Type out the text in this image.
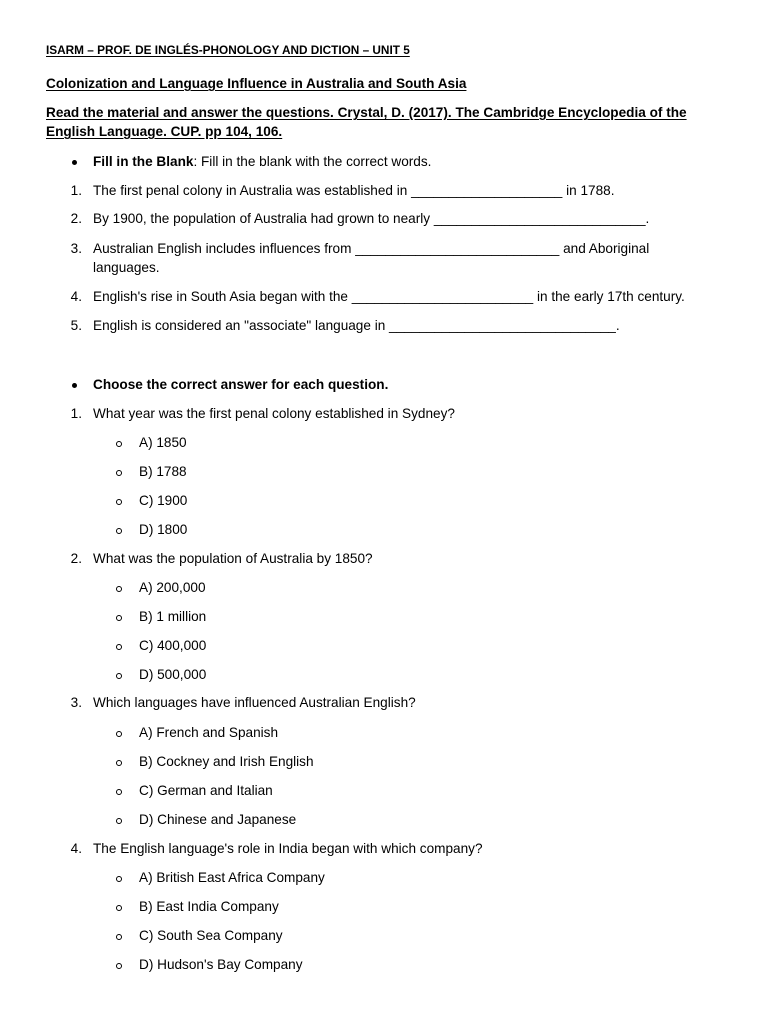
ISARM – PROF. DE INGLÉS-PHONOLOGY AND DICTION – UNIT 5
Colonization and Language Influence in Australia and South Asia
Read the material and answer the questions. Crystal, D. (2017). The Cambridge Encyclopedia of the
English Language. CUP. pp 104, 106.
Fill in the Blank: Fill in the blank with the correct words.
1. The first penal colony in Australia was established in ____________________ in 1788.
2. By 1900, the population of Australia had grown to nearly ____________________________.
3. Australian English includes influences from ___________________________ and Aboriginal
languages.
4. English's rise in South Asia began with the ________________________ in the early 17th century.
5. English is considered an "associate" language in ______________________________.
Choose the correct answer for each question.
1. What year was the first penal colony established in Sydney?
A) 1850
B) 1788
C) 1900
D) 1800
2. What was the population of Australia by 1850?
A) 200,000
B) 1 million
C) 400,000
D) 500,000
3. Which languages have influenced Australian English?
A) French and Spanish
B) Cockney and Irish English
C) German and Italian
D) Chinese and Japanese
4. The English language's role in India began with which company?
A) British East Africa Company
B) East India Company
C) South Sea Company
D) Hudson's Bay Company
